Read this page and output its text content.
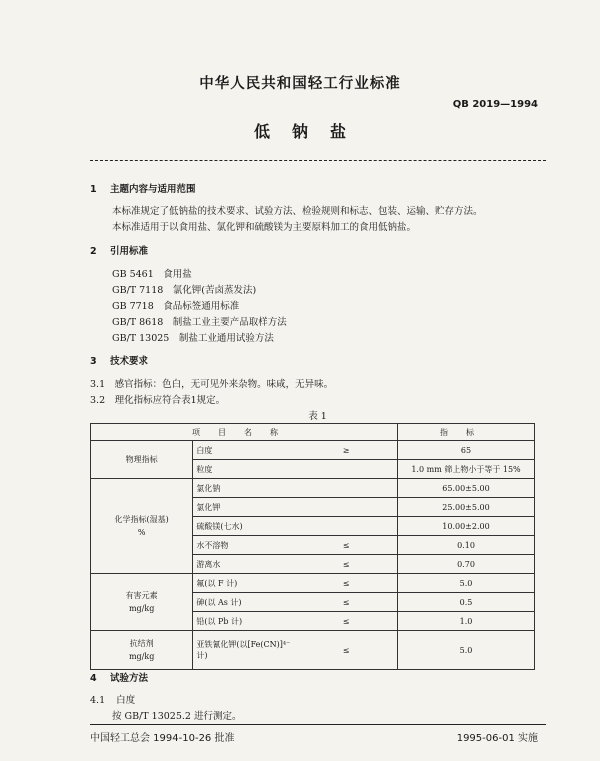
中华人民共和国轻工行业标准
QB 2019—1994
低钠盐
1 主题内容与适用范围
本标准规定了低钠盐的技术要求、试验方法、检验规则和标志、包装、运输、贮存方法。
本标准适用于以食用盐、氯化钾和硫酸镁为主要原料加工的食用低钠盐。
2 引用标准
GB 5461　食用盐
GB/T 7118　氯化钾(苦卤蒸发法)
GB 7718　食品标签通用标准
GB/T 8618　制盐工业主要产品取样方法
GB/T 13025　制盐工业通用试验方法
3 技术要求
3.1　感官指标：色白，无可见外来杂物。味咸，无异味。
3.2　理化指标应符合表1规定。
表 1
项目名称			指标

物理指标	白度	≥	65
	粒度		1.0 mm 筛上物小于等于 15%

化学指标(湿基)
%	氯化钠		65.00±5.00
	氯化钾		25.00±5.00
	硫酸镁(七水)		10.00±2.00
	水不溶物	≤	0.10
	游离水	≤	0.70

有害元素
mg/kg	氟(以 F 计)	≤	5.0
	砷(以 As 计)	≤	0.5
	铅(以 Pb 计)	≤	1.0

抗结剂
mg/kg	亚铁氰化钾(以[Fe(CN)]⁴⁻计)	≤	5.0
4 试验方法
4.1 白度
按 GB/T 13025.2 进行测定。
中国轻工总会 1994-10-26 批准	1995-06-01 实施
